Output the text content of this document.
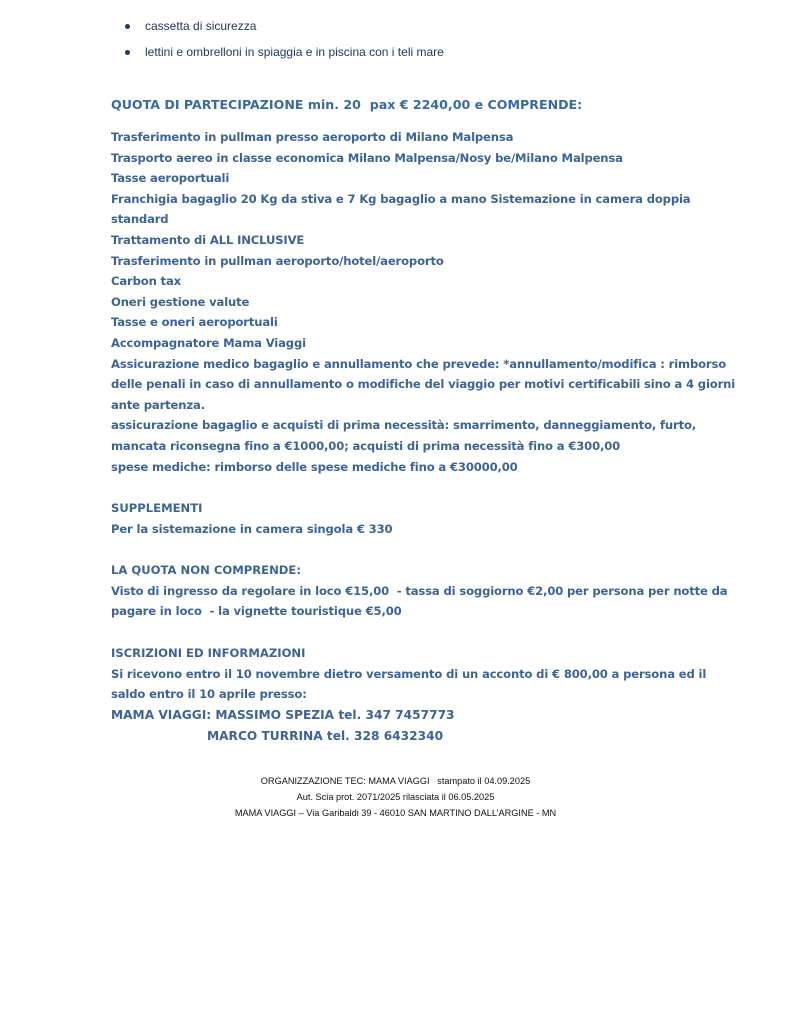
cassetta di sicurezza
lettini e ombrelloni in spiaggia e in piscina con i teli mare
QUOTA DI PARTECIPAZIONE min. 20  pax € 2240,00 e COMPRENDE:
Trasferimento in pullman presso aeroporto di Milano Malpensa
Trasporto aereo in classe economica Milano Malpensa/Nosy be/Milano Malpensa
Tasse aeroportuali
Franchigia bagaglio 20 Kg da stiva e 7 Kg bagaglio a mano Sistemazione in camera doppia
standard
Trattamento di ALL INCLUSIVE
Trasferimento in pullman aeroporto/hotel/aeroporto
Carbon tax
Oneri gestione valute
Tasse e oneri aeroportuali
Accompagnatore Mama Viaggi
Assicurazione medico bagaglio e annullamento che prevede: *annullamento/modifica : rimborso
delle penali in caso di annullamento o modifiche del viaggio per motivi certificabili sino a 4 giorni
ante partenza.
assicurazione bagaglio e acquisti di prima necessità: smarrimento, danneggiamento, furto,
mancata riconsegna fino a €1000,00; acquisti di prima necessità fino a €300,00
spese mediche: rimborso delle spese mediche fino a €30000,00
SUPPLEMENTI
Per la sistemazione in camera singola € 330
LA QUOTA NON COMPRENDE:
Visto di ingresso da regolare in loco €15,00  - tassa di soggiorno €2,00 per persona per notte da
pagare in loco  - la vignette touristique €5,00
ISCRIZIONI ED INFORMAZIONI
Si ricevono entro il 10 novembre dietro versamento di un acconto di € 800,00 a persona ed il
saldo entro il 10 aprile presso:
MAMA VIAGGI: MASSIMO SPEZIA tel. 347 7457773
MARCO TURRINA tel. 328 6432340
ORGANIZZAZIONE TEC: MAMA VIAGGI   stampato il 04.09.2025
Aut. Scia prot. 2071/2025 rilasciata il 06.05.2025
MAMA VIAGGI – Via Garibaldi 39 - 46010 SAN MARTINO DALL’ARGINE - MN
